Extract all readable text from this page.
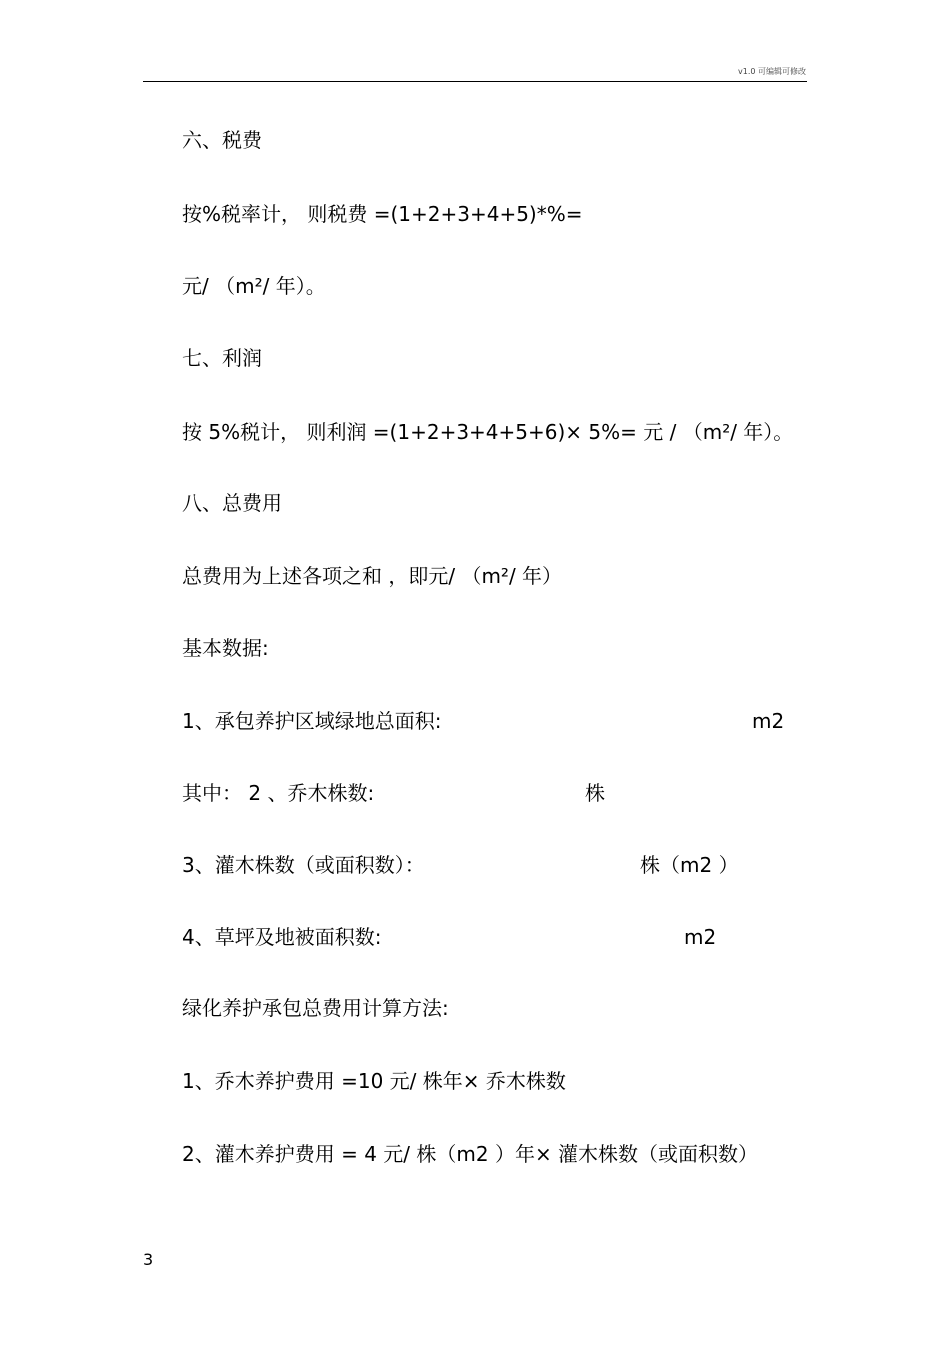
v1.0 可编辑可修改
六、税费
按%税率计， 则税费 =(1+2+3+4+5)*%=
元/ （m²/ 年）。
七、利润
按 5%税计， 则利润 =(1+2+3+4+5+6)× 5%= 元 / （m²/ 年）。
八、总费用
总费用为上述各项之和 ，即元/ （m²/ 年）
基本数据:
1、承包养护区域绿地总面积:	m2
其中： 2 、乔木株数:	株
3、灌木株数（或面积数）：	株（m2 ）
4、草坪及地被面积数:	m2
绿化养护承包总费用计算方法:
1、乔木养护费用 =10 元/ 株年× 乔木株数
2、灌木养护费用 = 4 元/ 株（m2 ）年× 灌木株数（或面积数）
3
